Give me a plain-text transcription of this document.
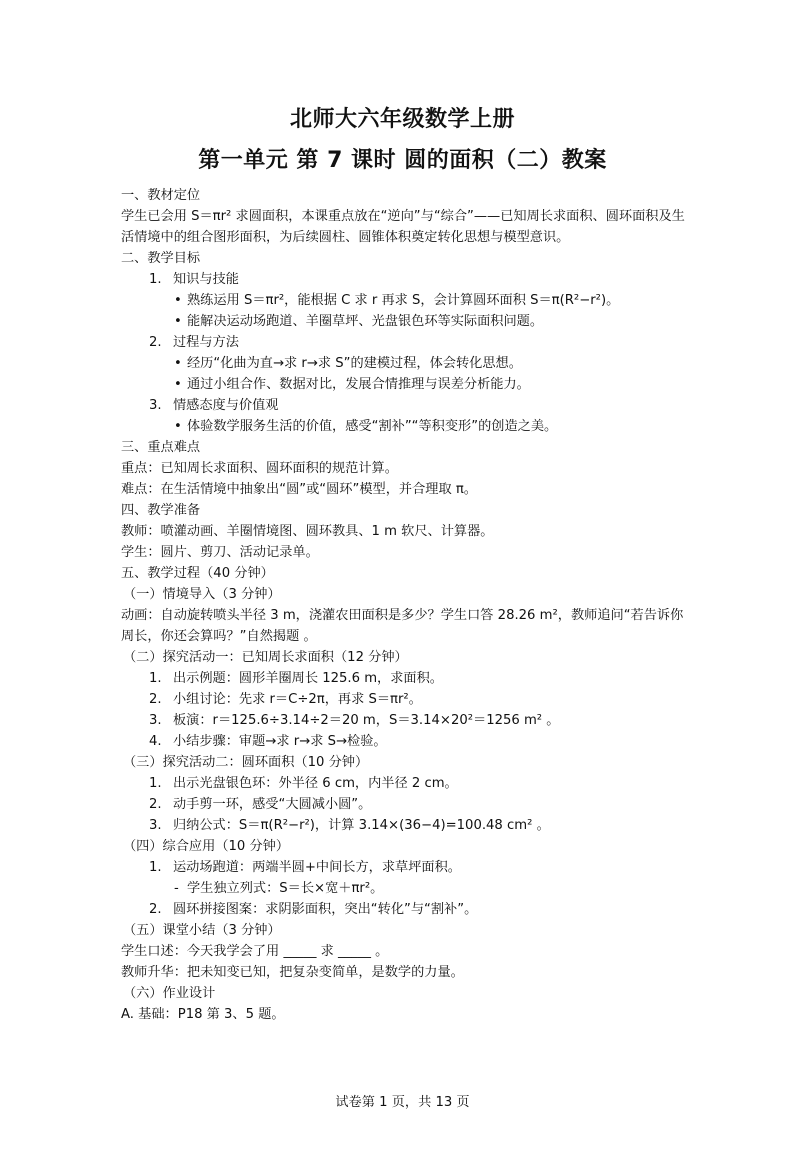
北师大六年级数学上册
第一单元 第 7 课时 圆的面积（二）教案

一、教材定位

学生已会用 S＝πr² 求圆面积，本课重点放在“逆向”与“综合”——已知周长求面积、圆环面积及生活情境中的组合图形面积，为后续圆柱、圆锥体积奠定转化思想与模型意识。

二、教学目标

1. 知识与技能
• 熟练运用 S＝πr²，能根据 C 求 r 再求 S，会计算圆环面积 S＝π(R²−r²)。
• 能解决运动场跑道、羊圈草坪、光盘银色环等实际面积问题。
2. 过程与方法
• 经历“化曲为直→求 r→求 S”的建模过程，体会转化思想。
• 通过小组合作、数据对比，发展合情推理与误差分析能力。
3. 情感态度与价值观
• 体验数学服务生活的价值，感受“割补”“等积变形”的创造之美。

三、重点难点

重点：已知周长求面积、圆环面积的规范计算。

难点：在生活情境中抽象出“圆”或“圆环”模型，并合理取 π。

四、教学准备

教师：喷灌动画、羊圈情境图、圆环教具、1 m 软尺、计算器。

学生：圆片、剪刀、活动记录单。

五、教学过程（40 分钟）

（一）情境导入（3 分钟）

动画：自动旋转喷头半径 3 m，浇灌农田面积是多少？学生口答 28.26 m²，教师追问“若告诉你周长，你还会算吗？”自然揭题 。

（二）探究活动一：已知周长求面积（12 分钟）

1. 出示例题：圆形羊圈周长 125.6 m，求面积。
2. 小组讨论：先求 r＝C÷2π，再求 S＝πr²。
3. 板演：r＝125.6÷3.14÷2＝20 m，S＝3.14×20²＝1256 m² 。
4. 小结步骤：审题→求 r→求 S→检验。

（三）探究活动二：圆环面积（10 分钟）

1. 出示光盘银色环：外半径 6 cm，内半径 2 cm。
2. 动手剪一环，感受“大圆减小圆”。
3. 归纳公式：S＝π(R²−r²)，计算 3.14×(36−4)=100.48 cm² 。

（四）综合应用（10 分钟）

1. 运动场跑道：两端半圆+中间长方，求草坪面积。
- 学生独立列式：S＝长×宽＋πr²。
2. 圆环拼接图案：求阴影面积，突出“转化”与“割补”。

（五）课堂小结（3 分钟）

学生口述：今天我学会了用 _____ 求 _____ 。

教师升华：把未知变已知，把复杂变简单，是数学的力量。

（六）作业设计

A. 基础：P18 第 3、5 题。

试卷第 1 页，共 13 页
